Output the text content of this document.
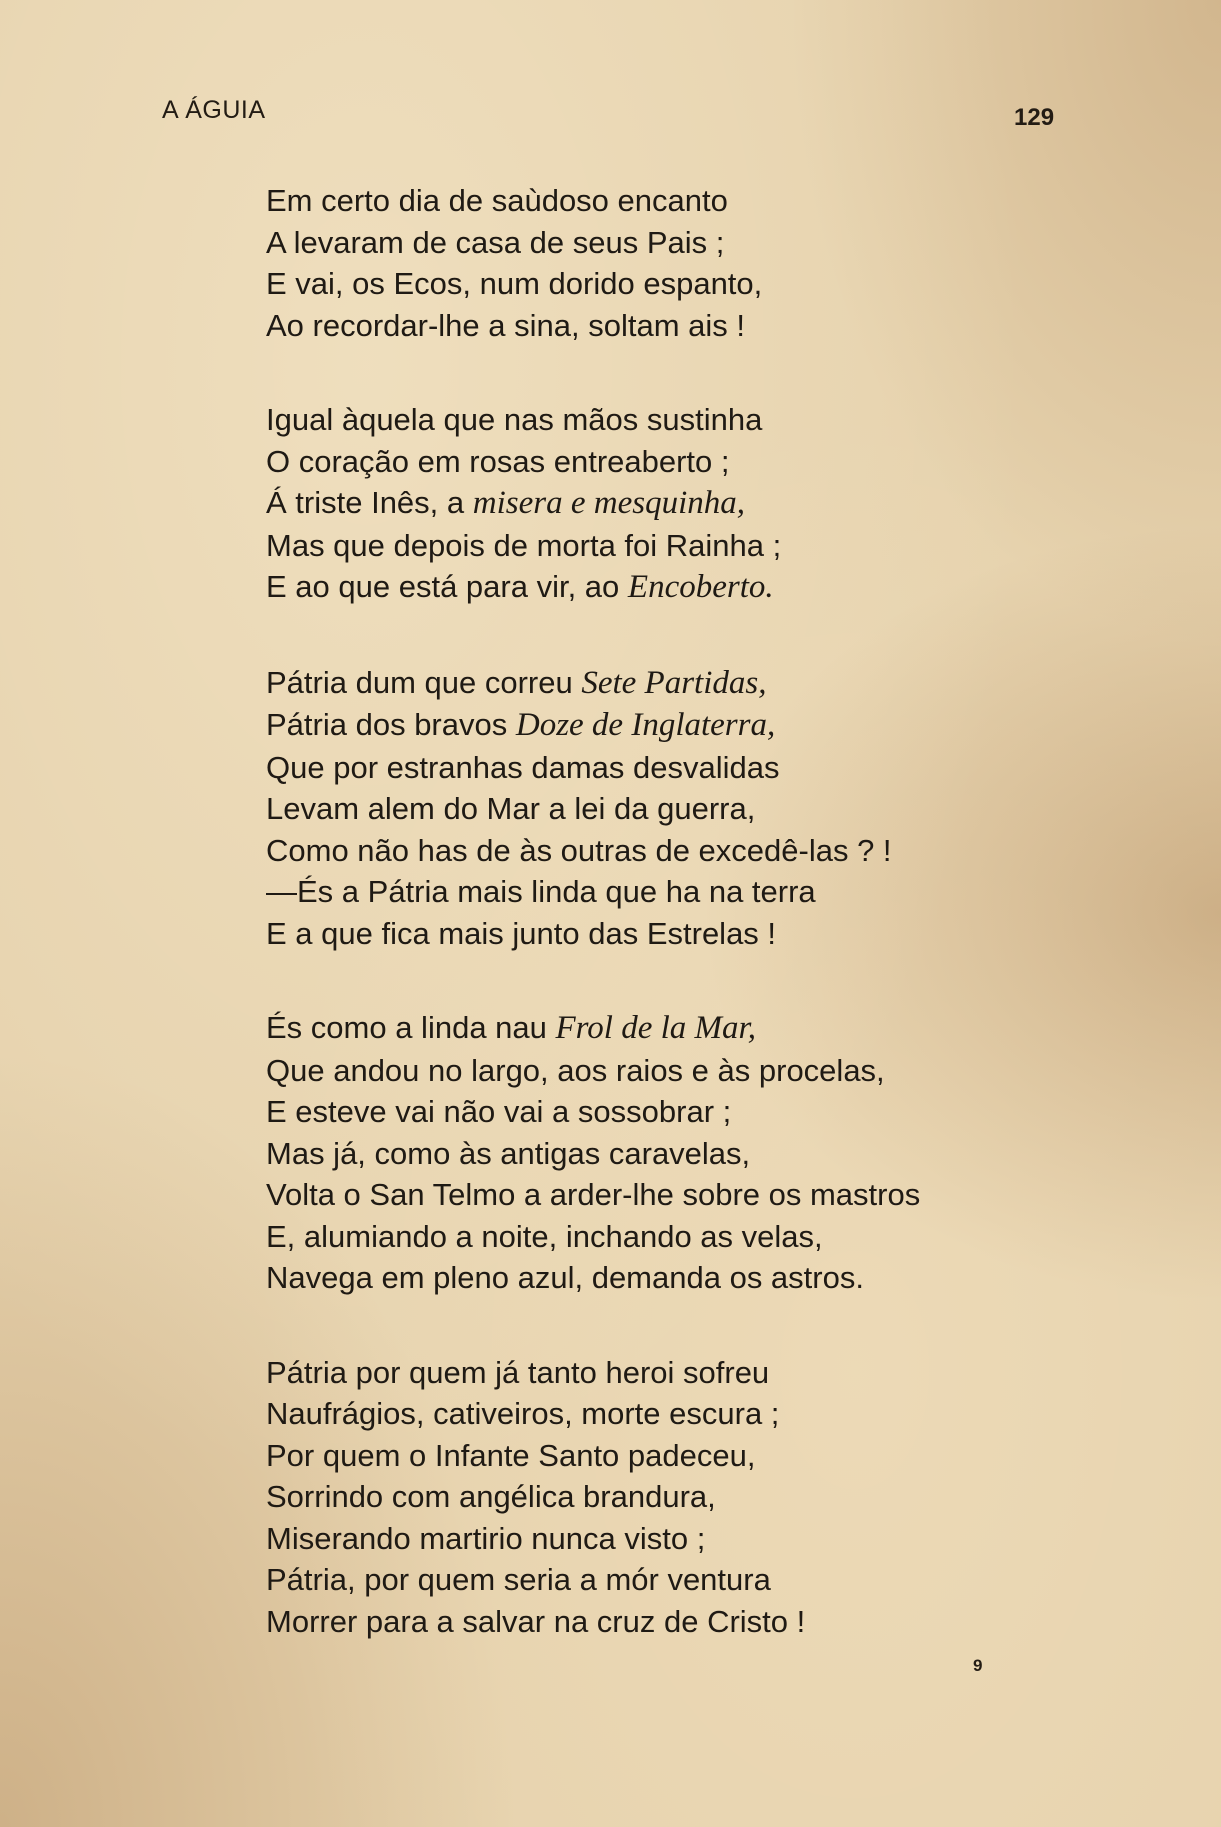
A ÁGUIA	129
Em certo dia de saùdoso encanto
A levaram de casa de seus Pais ;
E vai, os Ecos, num dorido espanto,
Ao recordar-lhe a sina, soltam ais !
Igual àquela que nas mãos sustinha
O coração em rosas entreaberto ;
Á triste Inês, a misera e mesquinha,
Mas que depois de morta foi Rainha ;
E ao que está para vir, ao Encoberto.
Pátria dum que correu Sete Partidas,
Pátria dos bravos Doze de Inglaterra,
Que por estranhas damas desvalidas
Levam alem do Mar a lei da guerra,
Como não has de às outras de excedê-las ? !
—És a Pátria mais linda que ha na terra
E a que fica mais junto das Estrelas !
És como a linda nau Frol de la Mar,
Que andou no largo, aos raios e às procelas,
E esteve vai não vai a sossobrar ;
Mas já, como às antigas caravelas,
Volta o San Telmo a arder-lhe sobre os mastros
E, alumiando a noite, inchando as velas,
Navega em pleno azul, demanda os astros.
Pátria por quem já tanto heroi sofreu
Naufrágios, cativeiros, morte escura ;
Por quem o Infante Santo padeceu,
Sorrindo com angélica brandura,
Miserando martirio nunca visto ;
Pátria, por quem seria a mór ventura
Morrer para a salvar na cruz de Cristo !
9
